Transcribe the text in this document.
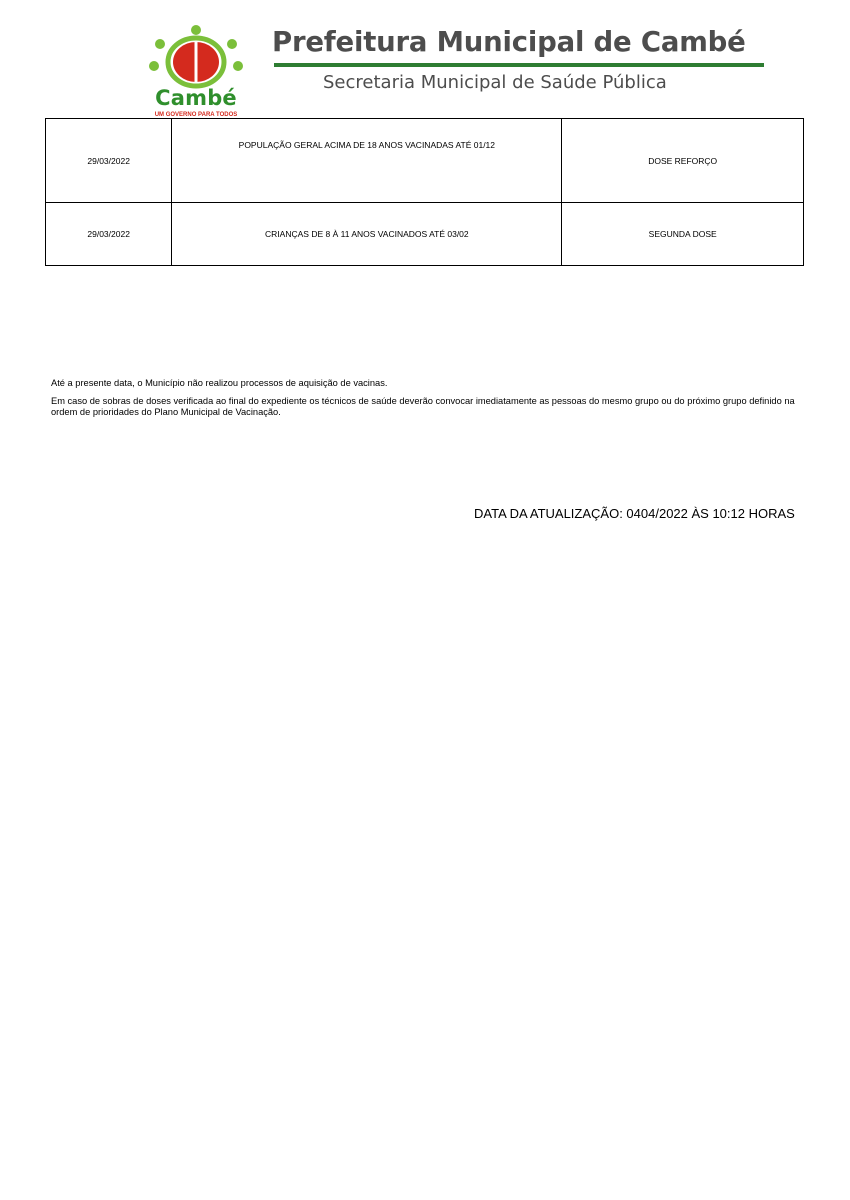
Cambé
UM GOVERNO PARA TODOS
Prefeitura Municipal de Cambé
Secretaria Municipal de Saúde Pública
29/03/2022	POPULAÇÃO GERAL ACIMA DE 18 ANOS VACINADAS ATÉ 01/12	DOSE REFORÇO
29/03/2022	CRIANÇAS DE 8 À 11 ANOS VACINADOS ATÉ 03/02	SEGUNDA DOSE

Até a presente data, o Município não realizou processos de aquisição de vacinas.

Em caso de sobras de doses verificada ao final do expediente os técnicos de saúde deverão convocar imediatamente as pessoas do mesmo grupo ou do próximo grupo definido na ordem de prioridades do Plano Municipal de Vacinação.

DATA DA ATUALIZAÇÃO: 0404/2022 ÀS 10:12 HORAS
